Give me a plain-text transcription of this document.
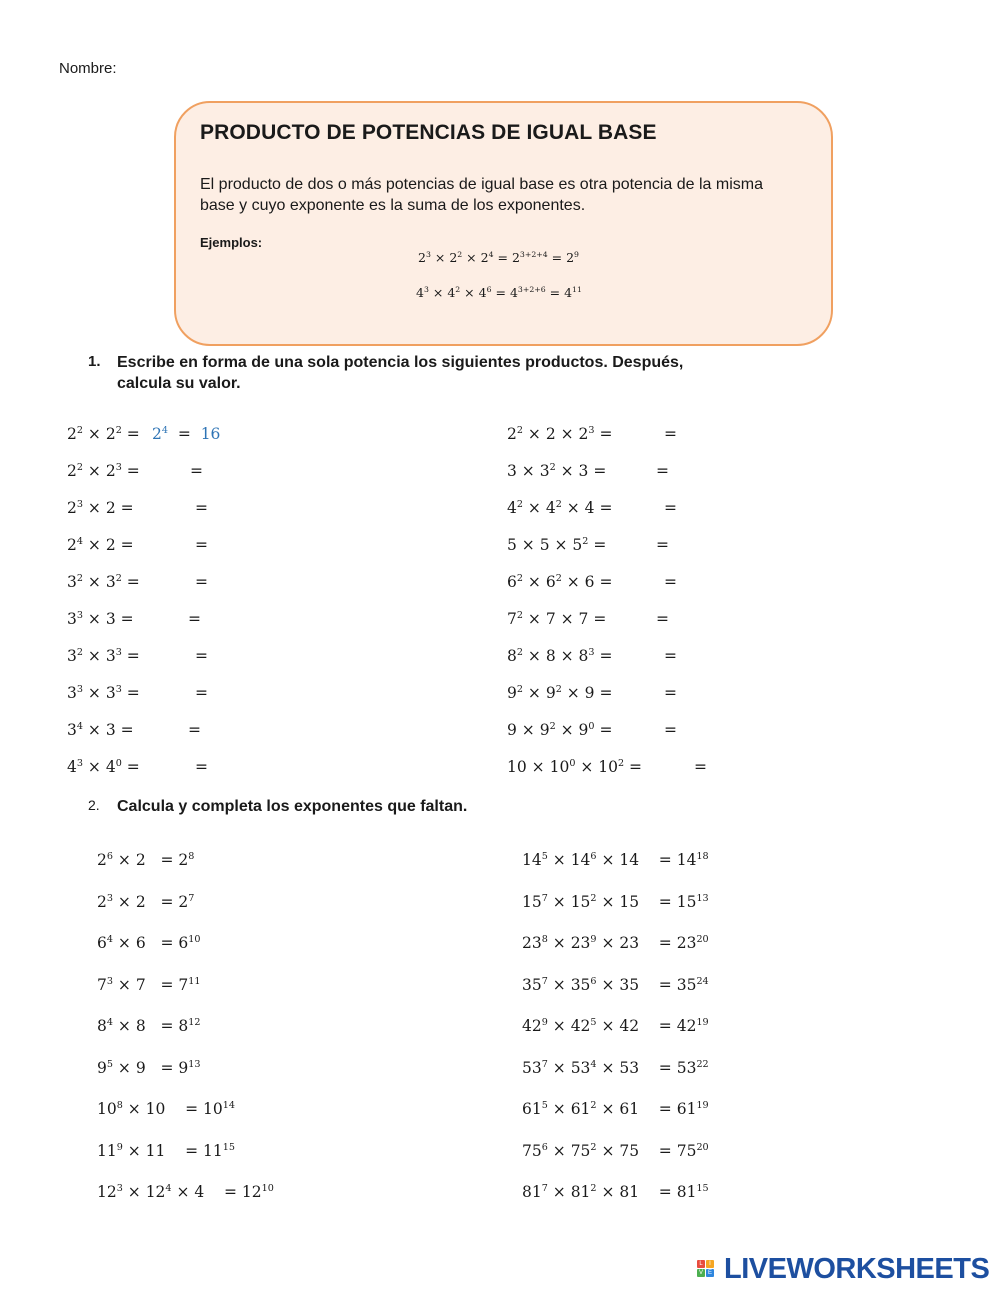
Nombre:
PRODUCTO DE POTENCIAS DE IGUAL BASE
El producto de dos o más potencias de igual base es otra potencia de la misma base y cuyo exponente es la suma de los exponentes.
Ejemplos:
$2^3 \times 2^2 \times 2^4 = 2^{3+2+4} = 2^9$
$4^3 \times 4^2 \times 4^6 = 4^{3+2+6} = 4^{11}$
1. Escribe en forma de una sola potencia los siguientes productos. Después, calcula su valor.
$2^2 \times 2^2 = 2^4 = 16$
$2^2 \times 2^3$ =	=
$2^3 \times 2$ =	=
$2^4 \times 2$ =	=
$3^2 \times 3^2$ =	=
$3^3 \times 3$ =	=
$3^2 \times 3^3$ =	=
$3^3 \times 3^3$ =	=
$3^4 \times 3$ =	=
$4^3 \times 4^0$ =	=
$2^2 \times 2 \times 2^3$ =	=
$3 \times 3^2 \times 3$ =	=
$4^2 \times 4^2 \times 4$ =	=
$5 \times 5 \times 5^2$ =	=
$6^2 \times 6^2 \times 6$ =	=
$7^2 \times 7 \times 7$ =	=
$8^2 \times 8 \times 8^3$ =	=
$9^2 \times 9^2 \times 9$ =	=
$9 \times 9^2 \times 9^0$ =	=
$10 \times 10^0 \times 10^2$ =	=
2. Calcula y completa los exponentes que faltan.
$2^6 \times 2 = 2^8$
$2^3 \times 2 = 2^7$
$6^4 \times 6 = 6^{10}$
$7^3 \times 7 = 7^{11}$
$8^4 \times 8 = 8^{12}$
$9^5 \times 9 = 9^{13}$
$10^8 \times 10$    = $10^{14}$
$11^9 \times 11$    = $11^{15}$
$12^3 \times 12^4 \times 4$    = $12^{10}$
$14^5 \times 14^6 \times 14$    = $14^{18}$
$15^7 \times 15^2 \times 15$    = $15^{13}$
$23^8 \times 23^9 \times 23$    = $23^{20}$
$35^7 \times 35^6 \times 35$    = $35^{24}$
$42^9 \times 42^5 \times 42$    = $42^{19}$
$53^7 \times 53^4 \times 53$    = $53^{22}$
$61^5 \times 61^2 \times 61$    = $61^{19}$
$75^6 \times 75^2 \times 75$    = $75^{20}$
$81^7 \times 81^2 \times 81$    = $81^{15}$
L	I
V E LIVEWORKSHEETS
